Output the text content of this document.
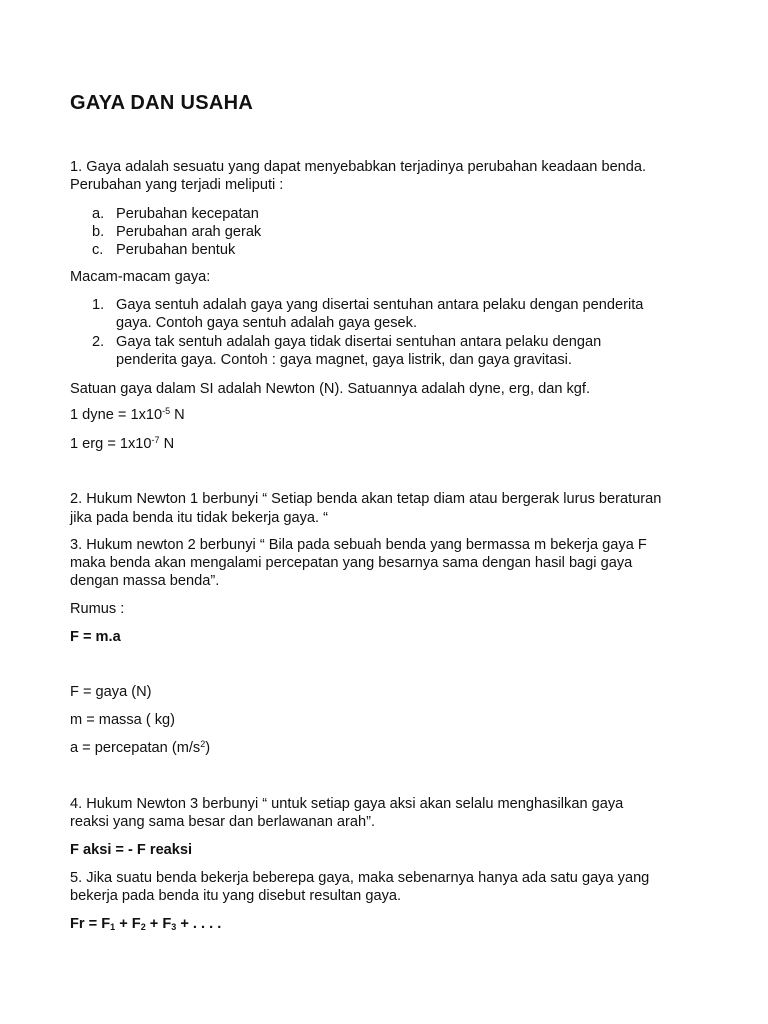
GAYA DAN USAHA
1. Gaya adalah sesuatu yang dapat menyebabkan terjadinya perubahan keadaan benda.
Perubahan yang terjadi meliputi :
a. Perubahan kecepatan
b. Perubahan arah gerak
c. Perubahan bentuk
Macam-macam gaya:
1. Gaya sentuh adalah gaya yang disertai sentuhan antara pelaku dengan penderita
gaya. Contoh gaya sentuh adalah gaya gesek.
2. Gaya tak sentuh adalah gaya tidak disertai sentuhan antara pelaku dengan
penderita gaya. Contoh : gaya magnet, gaya listrik, dan gaya gravitasi.
Satuan gaya dalam SI adalah Newton (N). Satuannya adalah dyne, erg, dan kgf.
1 dyne = $1x10^{-5}$ N
1 erg = $1x10^{-7}$ N
2. Hukum Newton 1 berbunyi “ Setiap benda akan tetap diam atau bergerak lurus beraturan
jika pada benda itu tidak bekerja gaya. “
3. Hukum newton 2 berbunyi “ Bila pada sebuah benda yang bermassa m bekerja gaya F
maka benda akan mengalami percepatan yang besarnya sama dengan hasil bagi gaya
dengan massa benda”.
Rumus :
F = m.a
F = gaya (N)
m = massa ( kg)
a = percepatan $(m/s^2)$
4. Hukum Newton 3 berbunyi “ untuk setiap gaya aksi akan selalu menghasilkan gaya
reaksi yang sama besar dan berlawanan arah”.
F aksi = - F reaksi
5. Jika suatu benda bekerja beberepa gaya, maka sebenarnya hanya ada satu gaya yang
bekerja pada benda itu yang disebut resultan gaya.
$Fr = F_1 + F_2 + F_3$ + . . . .
